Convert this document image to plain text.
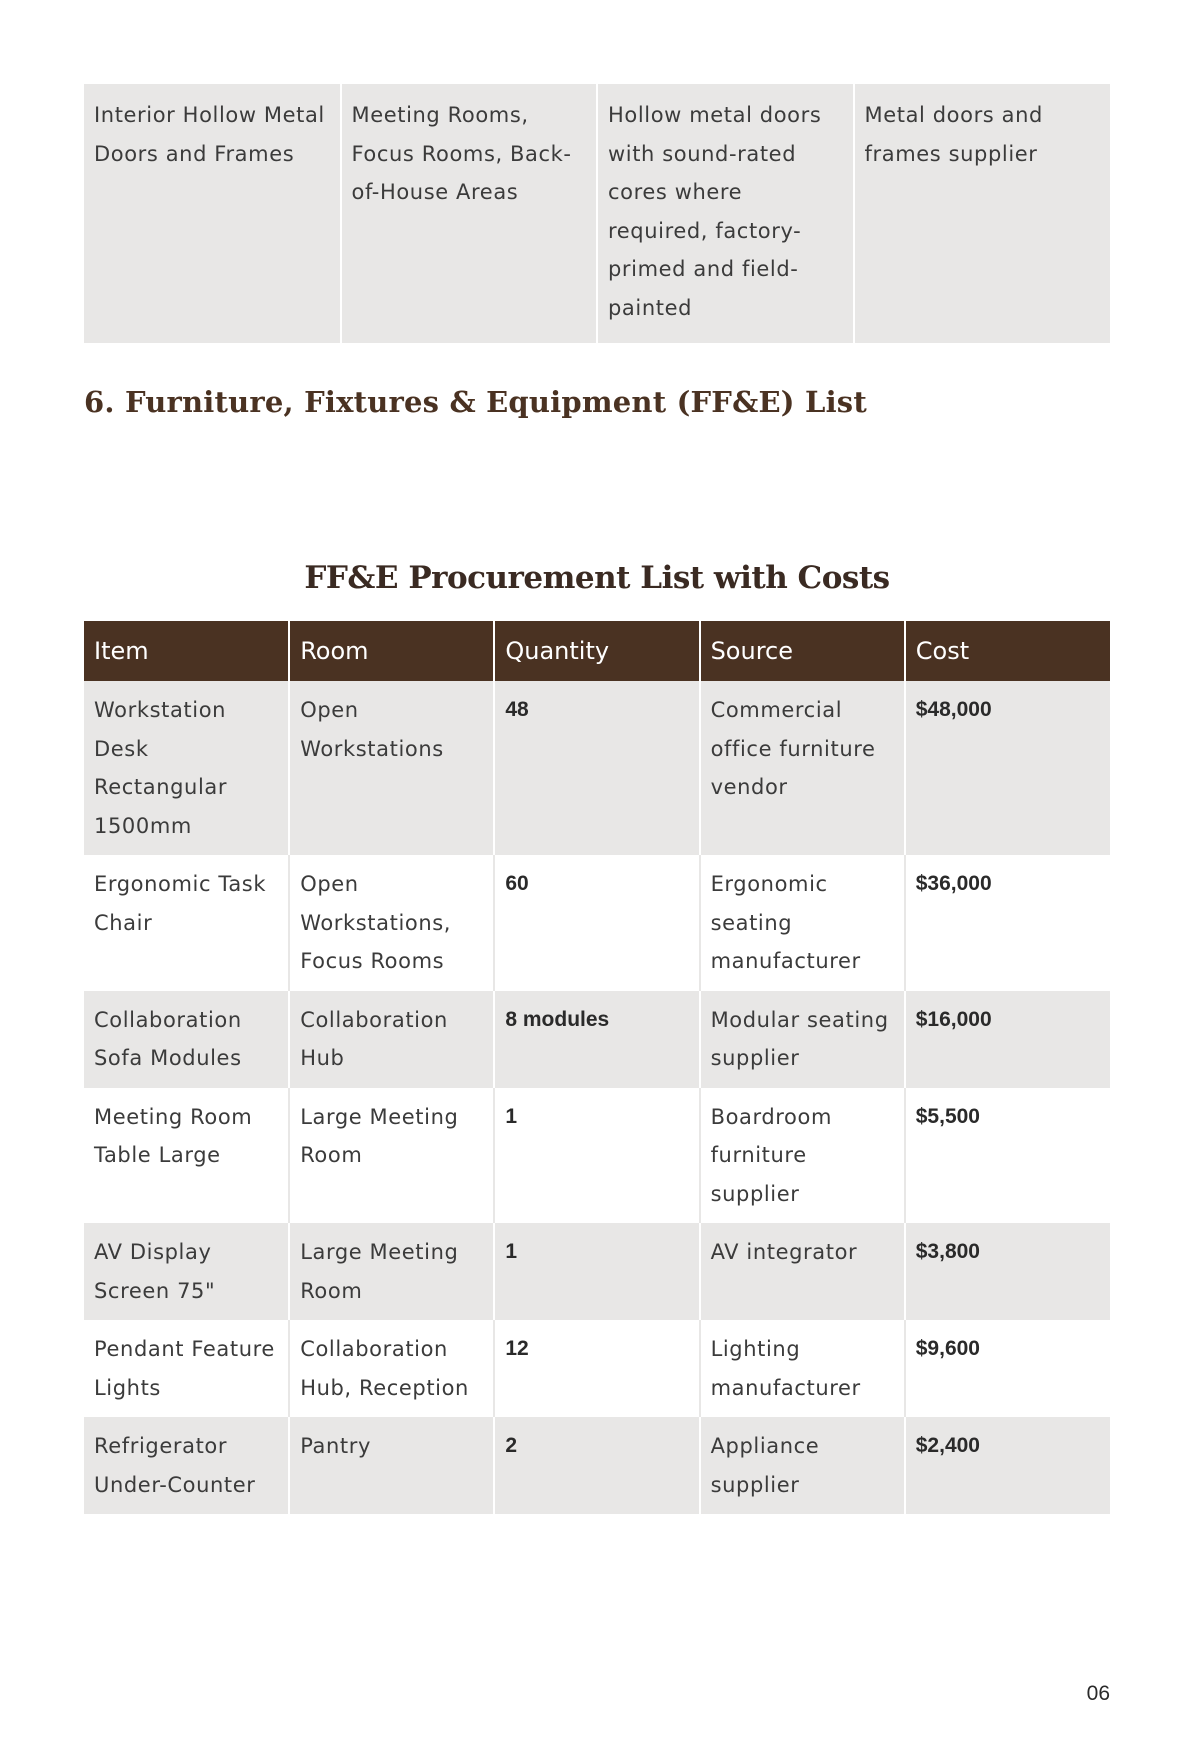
Interior Hollow Metal Doors and Frames	Meeting Rooms, Focus Rooms, Back-of-House Areas	Hollow metal doors with sound-rated cores where required, factory-primed and field-painted	Metal doors and frames supplier
6. Furniture, Fixtures & Equipment (FF&E) List
FF&E Procurement List with Costs
Item	Room	Quantity	Source	Cost
Workstation Desk Rectangular 1500mm	Open Workstations	48	Commercial office furniture vendor	$48,000
Ergonomic Task Chair	Open Workstations, Focus Rooms	60	Ergonomic seating manufacturer	$36,000
Collaboration Sofa Modules	Collaboration Hub	8 modules	Modular seating supplier	$16,000
Meeting Room Table Large	Large Meeting Room	1	Boardroom furniture supplier	$5,500
AV Display Screen 75"	Large Meeting Room	1	AV integrator	$3,800
Pendant Feature Lights	Collaboration Hub, Reception	12	Lighting manufacturer	$9,600
Refrigerator Under-Counter	Pantry	2	Appliance supplier	$2,400
06
